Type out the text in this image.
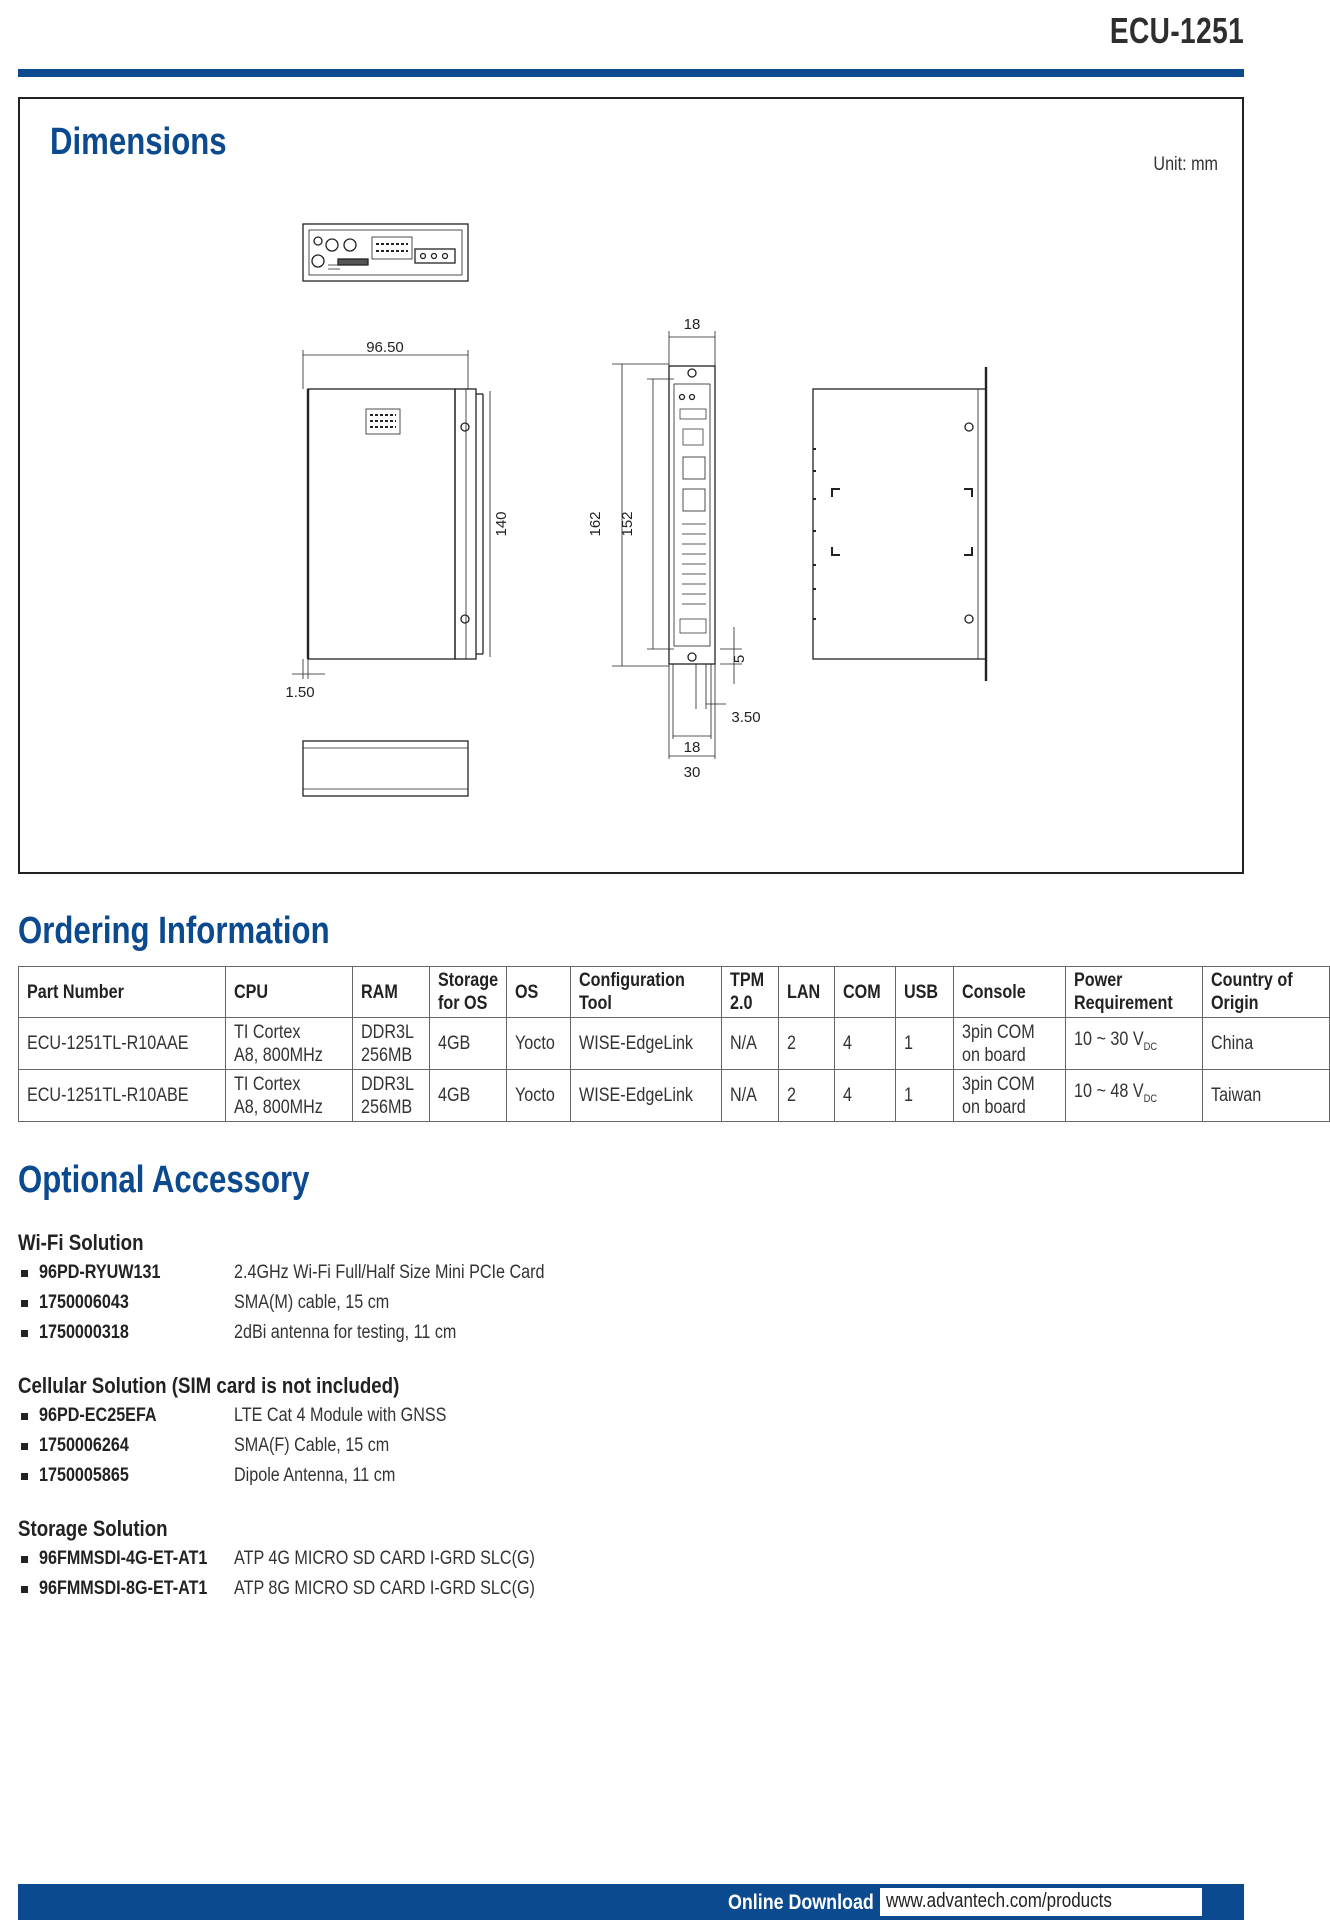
ECU-1251
Dimensions
Unit: mm
96.50
140
1.50
18
162 152
5
3.50
18
30
Ordering Information
Part Number	CPU	RAM	Storage for OS	OS	Configuration Tool	TPM 2.0	LAN	COM	USB	Console	Power Requirement	Country of Origin
ECU-1251TL-R10AAE	TI Cortex A8, 800MHz	DDR3L 256MB	4GB	Yocto	WISE-EdgeLink	N/A	2	4	1	3pin COM on board	10 ~ 30 $V_{DC}$	China
ECU-1251TL-R10ABE	TI Cortex A8, 800MHz	DDR3L 256MB	4GB	Yocto	WISE-EdgeLink	N/A	2	4	1	3pin COM on board	10 ~ 48 $V_{DC}$	Taiwan
Optional Accessory
Wi-Fi Solution
96PD-RYUW131	2.4GHz Wi-Fi Full/Half Size Mini PCIe Card
1750006043	SMA(M) cable, 15 cm
1750000318	2dBi antenna for testing, 11 cm
Cellular Solution (SIM card is not included)
96PD-EC25EFA	LTE Cat 4 Module with GNSS
1750006264	SMA(F) Cable, 15 cm
1750005865	Dipole Antenna, 11 cm
Storage Solution
96FMMSDI-4G-ET-AT1 ATP 4G MICRO SD CARD I-GRD SLC(G)
96FMMSDI-8G-ET-AT1 ATP 8G MICRO SD CARD I-GRD SLC(G)
Online Download www.advantech.com/products
